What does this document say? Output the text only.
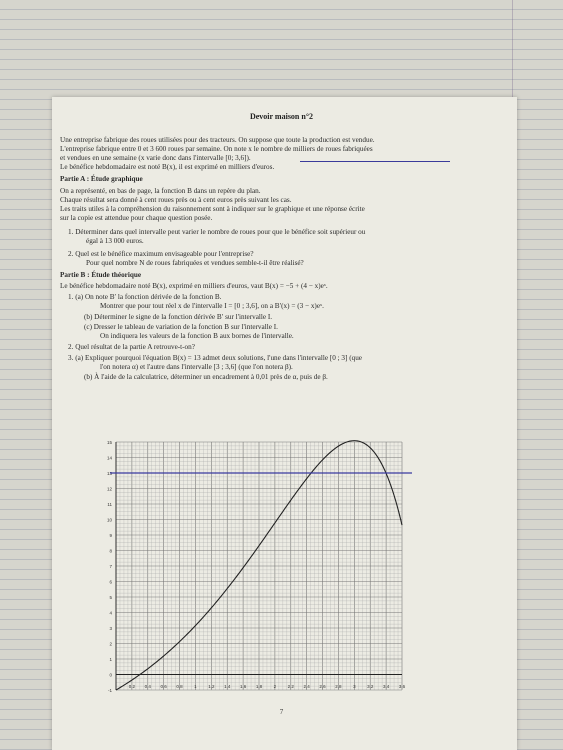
Devoir maison n°2
Une entreprise fabrique des roues utilisées pour des tracteurs. On suppose que toute la production est vendue.
L'entreprise fabrique entre 0 et 3 600 roues par semaine. On note x le nombre de milliers de roues fabriquées
et vendues en une semaine (x varie donc dans l'intervalle [0; 3,6]).
Le bénéfice hebdomadaire est noté B(x), il est exprimé en milliers d'euros.
Partie A : Étude graphique
On a représenté, en bas de page, la fonction B dans un repère du plan.
Chaque résultat sera donné à cent roues près ou à cent euros près suivant les cas.
Les traits utiles à la compréhension du raisonnement sont à indiquer sur le graphique et une réponse écrite
sur la copie est attendue pour chaque question posée.
1. Déterminer dans quel intervalle peut varier le nombre de roues pour que le bénéfice soit supérieur ou
égal à 13 000 euros.
2. Quel est le bénéfice maximum envisageable pour l'entreprise?
Pour quel nombre N de roues fabriquées et vendues semble-t-il être réalisé?
Partie B : Étude théorique
Le bénéfice hebdomadaire noté B(x), exprimé en milliers d'euros, vaut B(x) = −5 + (4 − x)eˣ.
1. (a) On note B′ la fonction dérivée de la fonction B.
Montrer que pour tout réel x de l'intervalle I = [0 ; 3,6], on a B′(x) = (3 − x)eˣ.
(b) Déterminer le signe de la fonction dérivée B′ sur l'intervalle I.
(c) Dresser le tableau de variation de la fonction B sur l'intervalle I.
On indiquera les valeurs de la fonction B aux bornes de l'intervalle.
2. Quel résultat de la partie A retrouve-t-on?
3. (a) Expliquer pourquoi l'équation B(x) = 13 admet deux solutions, l'une dans l'intervalle [0 ; 3] (que
l'on notera α) et l'autre dans l'intervalle [3 ; 3,6] (que l'on notera β).
(b) À l'aide de la calculatrice, déterminer un encadrement à 0,01 près de α, puis de β.
15
14
13
12
11
10
9
8
7
6
5
4
3
2
1
0
-1
0,2 0,4 0,6 0,8	1	1,2 1,4 1,6 1,8	2	2,2 2,4 2,6 2,8	3	3,2 3,4 3,6
7
